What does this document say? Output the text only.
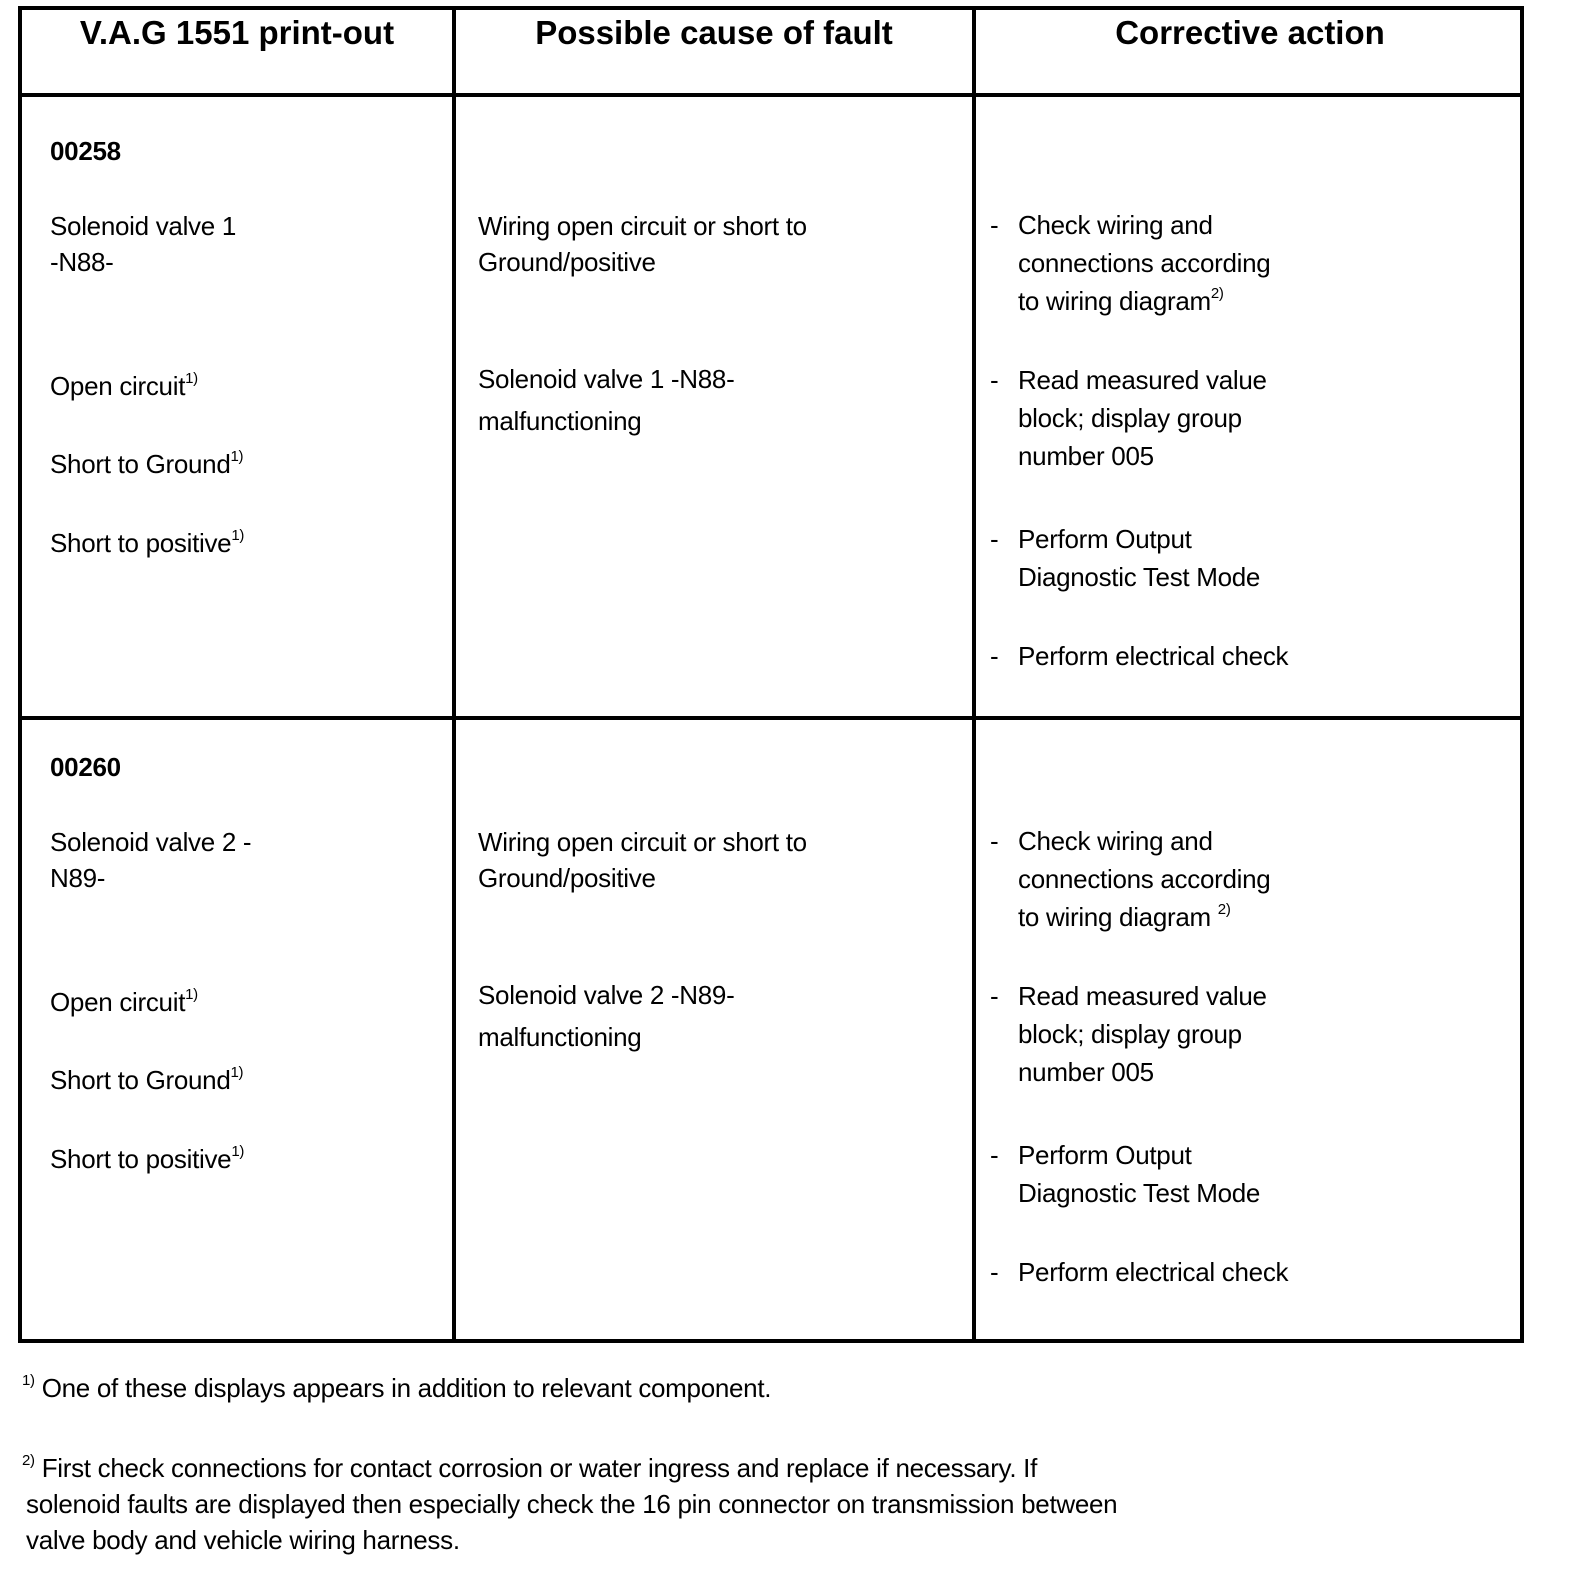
V.A.G 1551 print-out	Possible cause of fault	Corrective action
00258
Solenoid valve 1
-N88-
Open circuit$^{1)}$
Short to Ground$^{1)}$
Short to positive$^{1)}$
Wiring open circuit or short to
Ground/positive
Solenoid valve 1 -N88-
malfunctioning
- Check wiring and
connections according
to wiring diagram$^{2)}$
- Read measured value
block; display group
number 005
- Perform Output
Diagnostic Test Mode
- Perform electrical check
00260
Solenoid valve 2 -
N89-
Open circuit$^{1)}$
Short to Ground$^{1)}$
Short to positive$^{1)}$
Wiring open circuit or short to
Ground/positive
Solenoid valve 2 -N89-
malfunctioning
- Check wiring and
connections according
to wiring diagram $^{2)}$
- Read measured value
block; display group
number 005
- Perform Output
Diagnostic Test Mode
- Perform electrical check
$^{1)}$ One of these displays appears in addition to relevant component.
$^{2)}$ First check connections for contact corrosion or water ingress and replace if necessary. If
solenoid faults are displayed then especially check the 16 pin connector on transmission between
valve body and vehicle wiring harness.
